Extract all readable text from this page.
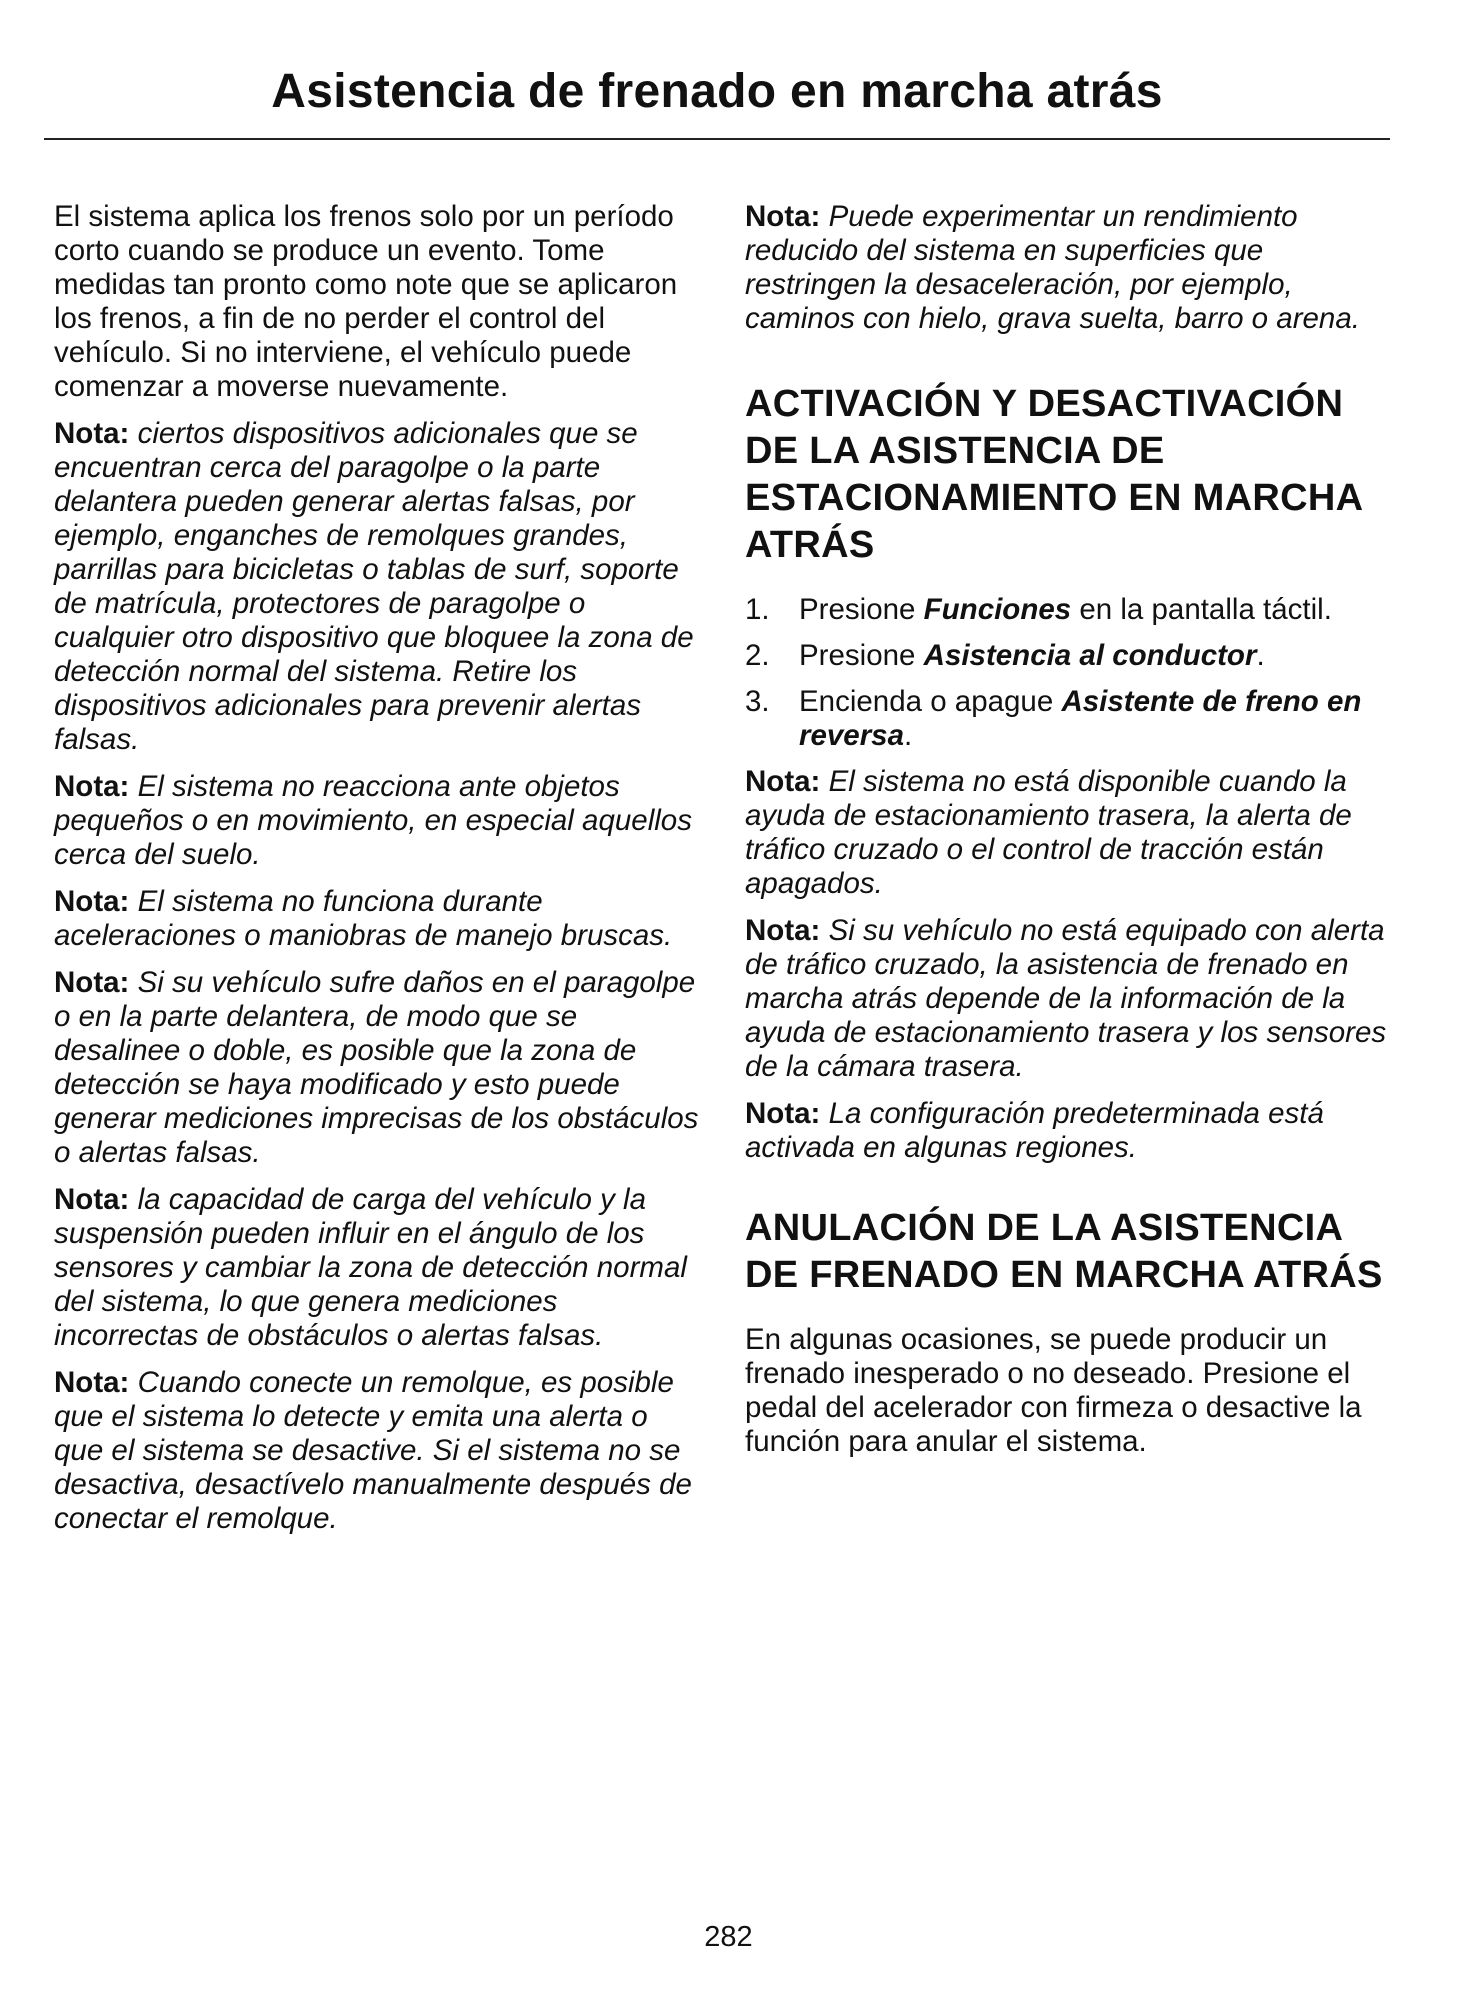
Asistencia de frenado en marcha atrás

El sistema aplica los frenos solo por un período corto cuando se produce un evento. Tome medidas tan pronto como note que se aplicaron los frenos, a fin de no perder el control del vehículo. Si no interviene, el vehículo puede comenzar a moverse nuevamente.

Nota: ciertos dispositivos adicionales que se encuentran cerca del paragolpe o la parte delantera pueden generar alertas falsas, por ejemplo, enganches de remolques grandes, parrillas para bicicletas o tablas de surf, soporte de matrícula, protectores de paragolpe o cualquier otro dispositivo que bloquee la zona de detección normal del sistema. Retire los dispositivos adicionales para prevenir alertas falsas.

Nota: El sistema no reacciona ante objetos pequeños o en movimiento, en especial aquellos cerca del suelo.

Nota: El sistema no funciona durante aceleraciones o maniobras de manejo bruscas.

Nota: Si su vehículo sufre daños en el paragolpe o en la parte delantera, de modo que se desalinee o doble, es posible que la zona de detección se haya modificado y esto puede generar mediciones imprecisas de los obstáculos o alertas falsas.

Nota: la capacidad de carga del vehículo y la suspensión pueden influir en el ángulo de los sensores y cambiar la zona de detección normal del sistema, lo que genera mediciones incorrectas de obstáculos o alertas falsas.

Nota: Cuando conecte un remolque, es posible que el sistema lo detecte y emita una alerta o que el sistema se desactive. Si el sistema no se desactiva, desactívelo manualmente después de conectar el remolque.

Nota: Puede experimentar un rendimiento reducido del sistema en superficies que restringen la desaceleración, por ejemplo, caminos con hielo, grava suelta, barro o arena.

ACTIVACIÓN Y DESACTIVACIÓN DE LA ASISTENCIA DE ESTACIONAMIENTO EN MARCHA ATRÁS
1. Presione Funciones en la pantalla táctil.
2. Presione Asistencia al conductor.
3. Encienda o apague Asistente de freno en reversa.

Nota: El sistema no está disponible cuando la ayuda de estacionamiento trasera, la alerta de tráfico cruzado o el control de tracción están apagados.

Nota: Si su vehículo no está equipado con alerta de tráfico cruzado, la asistencia de frenado en marcha atrás depende de la información de la ayuda de estacionamiento trasera y los sensores de la cámara trasera.

Nota: La configuración predeterminada está activada en algunas regiones.

ANULACIÓN DE LA ASISTENCIA DE FRENADO EN MARCHA ATRÁS

En algunas ocasiones, se puede producir un frenado inesperado o no deseado. Presione el pedal del acelerador con firmeza o desactive la función para anular el sistema.

282
